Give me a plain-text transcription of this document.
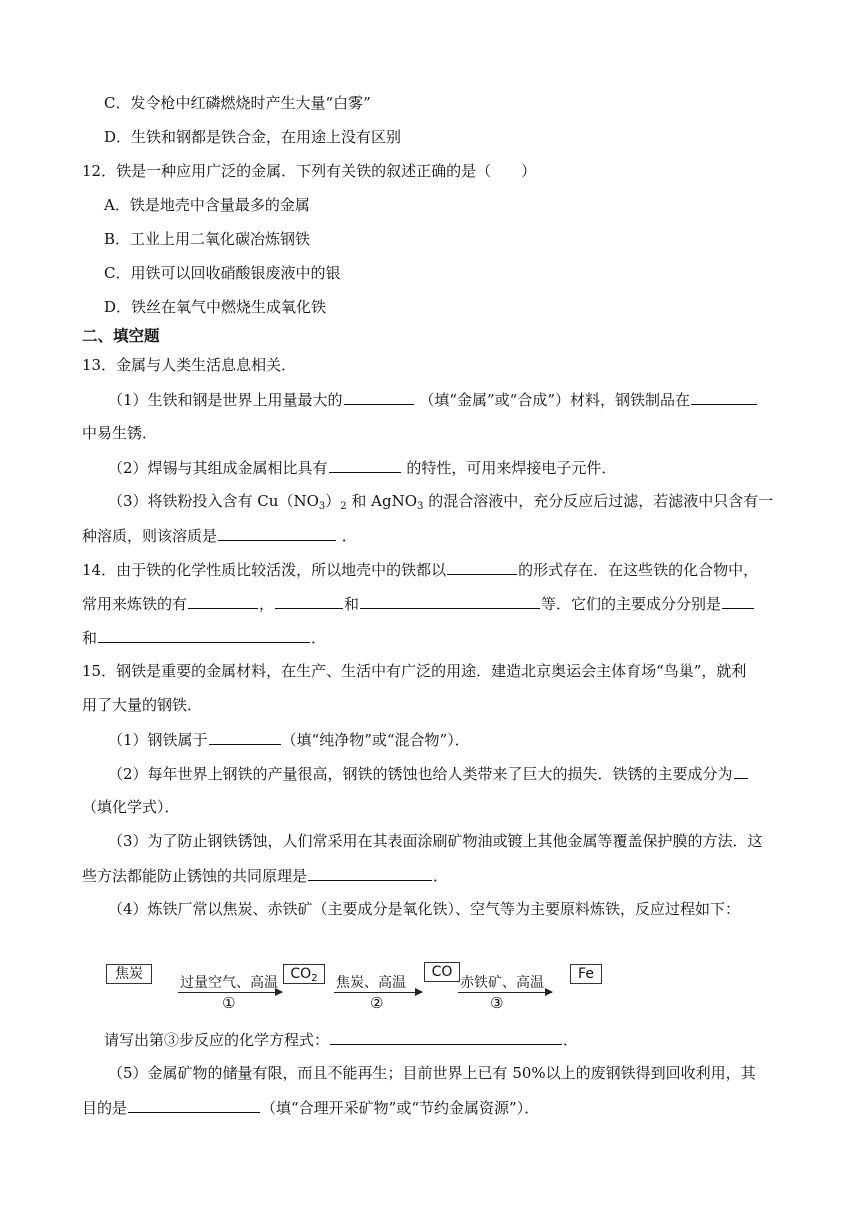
C．发令枪中红磷燃烧时产生大量“白雾”
D．生铁和钢都是铁合金，在用途上没有区别
12．铁是一种应用广泛的金属．下列有关铁的叙述正确的是（　　）
A．铁是地壳中含量最多的金属
B．工业上用二氧化碳冶炼钢铁
C．用铁可以回收硝酸银废液中的银
D．铁丝在氧气中燃烧生成氧化铁
二、填空题
13．金属与人类生活息息相关．
（1）生铁和钢是世界上用量最大的	（填“金属”或“合成”）材料，钢铁制品在
中易生锈．
（2）焊锡与其组成金属相比具有	的特性，可用来焊接电子元件．
（3）将铁粉投入含有 $Cu(NO_3)_2$ 和 AgNO$_3$ 的混合溶液中，充分反应后过滤，若滤液中只含有一
种溶质，则该溶质是	．
14．由于铁的化学性质比较活泼，所以地壳中的铁都以	的形式存在．在这些铁的化合物中，
常用来炼铁的有	，	和	等．它们的主要成分分别是
和	．
15．钢铁是重要的金属材料，在生产、生活中有广泛的用途．建造北京奥运会主体育场“鸟巢”，就利
用了大量的钢铁．
（1）钢铁属于	（填“纯净物”或“混合物”）．
（2）每年世界上钢铁的产量很高，钢铁的锈蚀也给人类带来了巨大的损失．铁锈的主要成分为
（填化学式）．
（3）为了防止钢铁锈蚀，人们常采用在其表面涂刷矿物油或镀上其他金属等覆盖保护膜的方法．这
些方法都能防止锈蚀的共同原理是	．
（4）炼铁厂常以焦炭、赤铁矿（主要成分是氧化铁）、空气等为主要原料炼铁，反应过程如下：
焦炭
过量空气、高温
①
$CO_2$	焦炭、高温
②
CO
赤铁矿、高温
③
Fe
请写出第③步反应的化学方程式：	．
（5）金属矿物的储量有限，而且不能再生；目前世界上已有 50%以上的废钢铁得到回收利用，其
目的是	（填“合理开采矿物”或“节约金属资源”）．
